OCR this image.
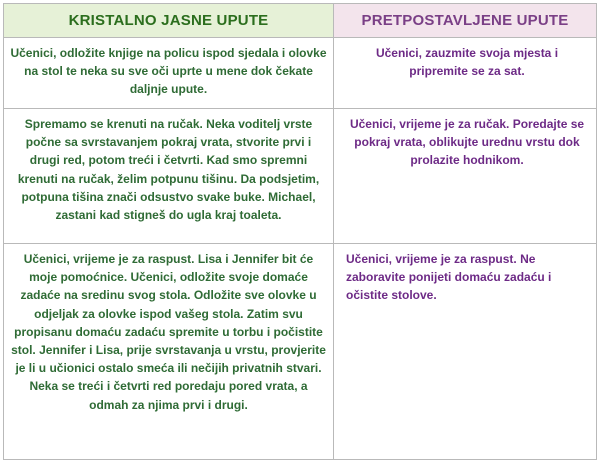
KRISTALNO JASNE UPUTE	PRETPOSTAVLJENE UPUTE
Učenici, odložite knjige na policu ispod sjedala i olovke na stol te neka su sve oči uprte u mene dok čekate daljnje upute.	Učenici, zauzmite svoja mjesta i pripremite se za sat.
Spremamo se krenuti na ručak. Neka voditelj vrste počne sa svrstavanjem pokraj vrata, stvorite prvi i drugi red, potom treći i četvrti. Kad smo spremni krenuti na ručak, želim potpunu tišinu. Da podsjetim, potpuna tišina znači odsustvo svake buke. Michael, zastani kad stigneš do ugla kraj toaleta.	Učenici, vrijeme je za ručak. Poredajte se pokraj vrata, oblikujte urednu vrstu dok prolazite hodnikom.
Učenici, vrijeme je za raspust. Lisa i Jennifer bit će moje pomoćnice. Učenici, odložite svoje domaće zadaće na sredinu svog stola. Odložite sve olovke u odjeljak za olovke ispod vašeg stola. Zatim svu propisanu domaću zadaću spremite u torbu i počistite stol. Jennifer i Lisa, prije svrstavanja u vrstu, provjerite je li u učionici ostalo smeća ili nečijih privatnih stvari. Neka se treći i četvrti red poredaju pored vrata, a odmah za njima prvi i drugi.	Učenici, vrijeme je za raspust. Ne zaboravite ponijeti domaću zadaću i očistite stolove.
